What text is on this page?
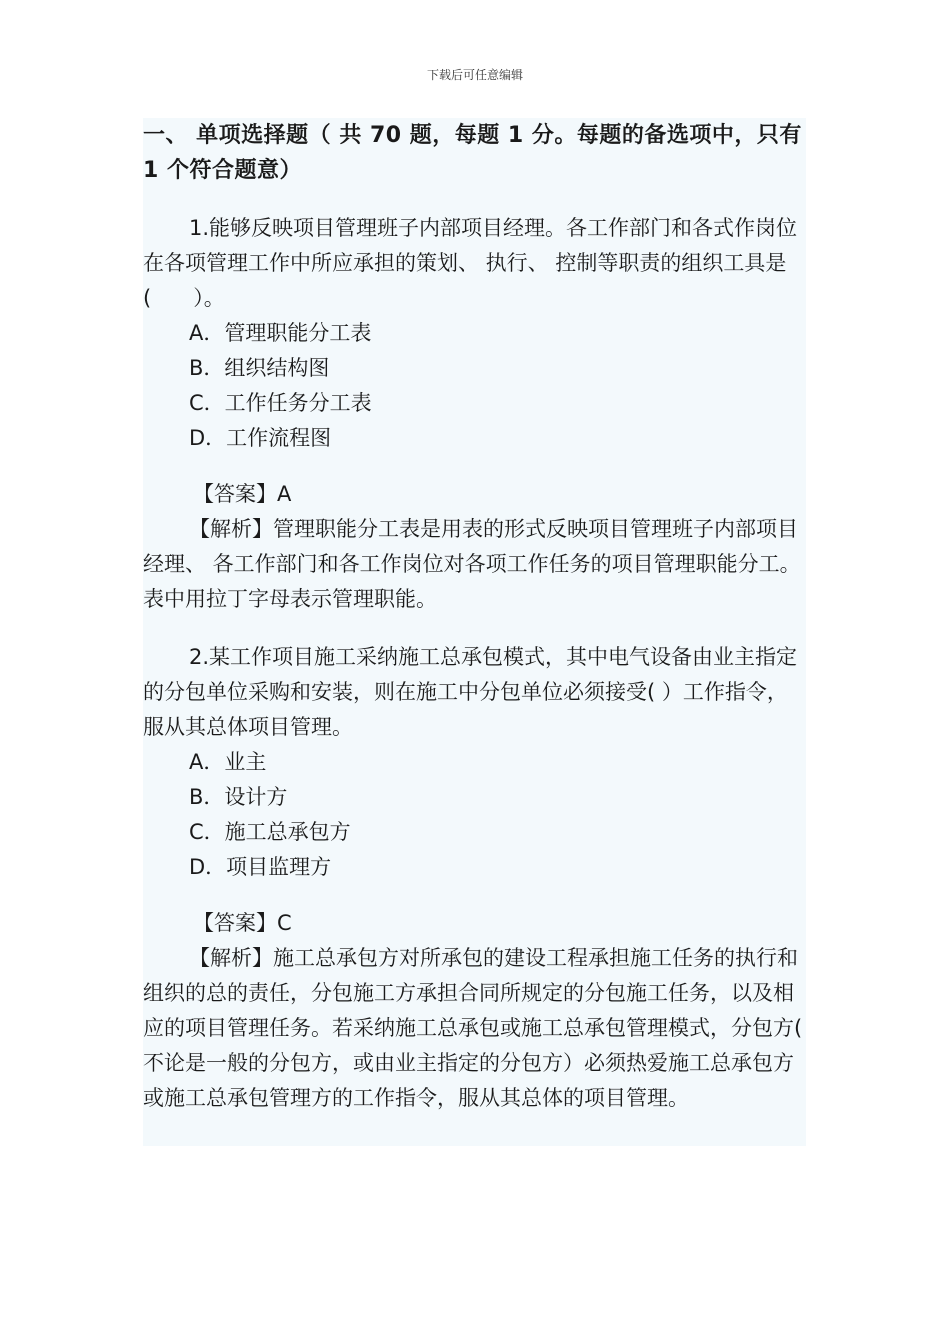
下载后可任意编辑
一、 单项选择题（ 共 70 题，每题 1 分。每题的备选项中，只有 1 个符合题意）

1.能够反映项目管理班子内部项目经理。各工作部门和各式作岗位在各项管理工作中所应承担的策划、 执行、 控制等职责的组织工具是(　　）。

A．管理职能分工表
B．组织结构图
C．工作任务分工表
D．工作流程图
【答案】A

【解析】管理职能分工表是用表的形式反映项目管理班子内部项目经理、 各工作部门和各工作岗位对各项工作任务的项目管理职能分工。表中用拉丁字母表示管理职能。

2.某工作项目施工采纳施工总承包模式，其中电气设备由业主指定的分包单位采购和安装，则在施工中分包单位必须接受( ）工作指令，服从其总体项目管理。

A．业主
B．设计方
C．施工总承包方
D．项目监理方
【答案】C

【解析】施工总承包方对所承包的建设工程承担施工任务的执行和组织的总的责任，分包施工方承担合同所规定的分包施工任务，以及相应的项目管理任务。若采纳施工总承包或施工总承包管理模式，分包方( 不论是一般的分包方，或由业主指定的分包方）必须热爱施工总承包方或施工总承包管理方的工作指令，服从其总体的项目管理。
